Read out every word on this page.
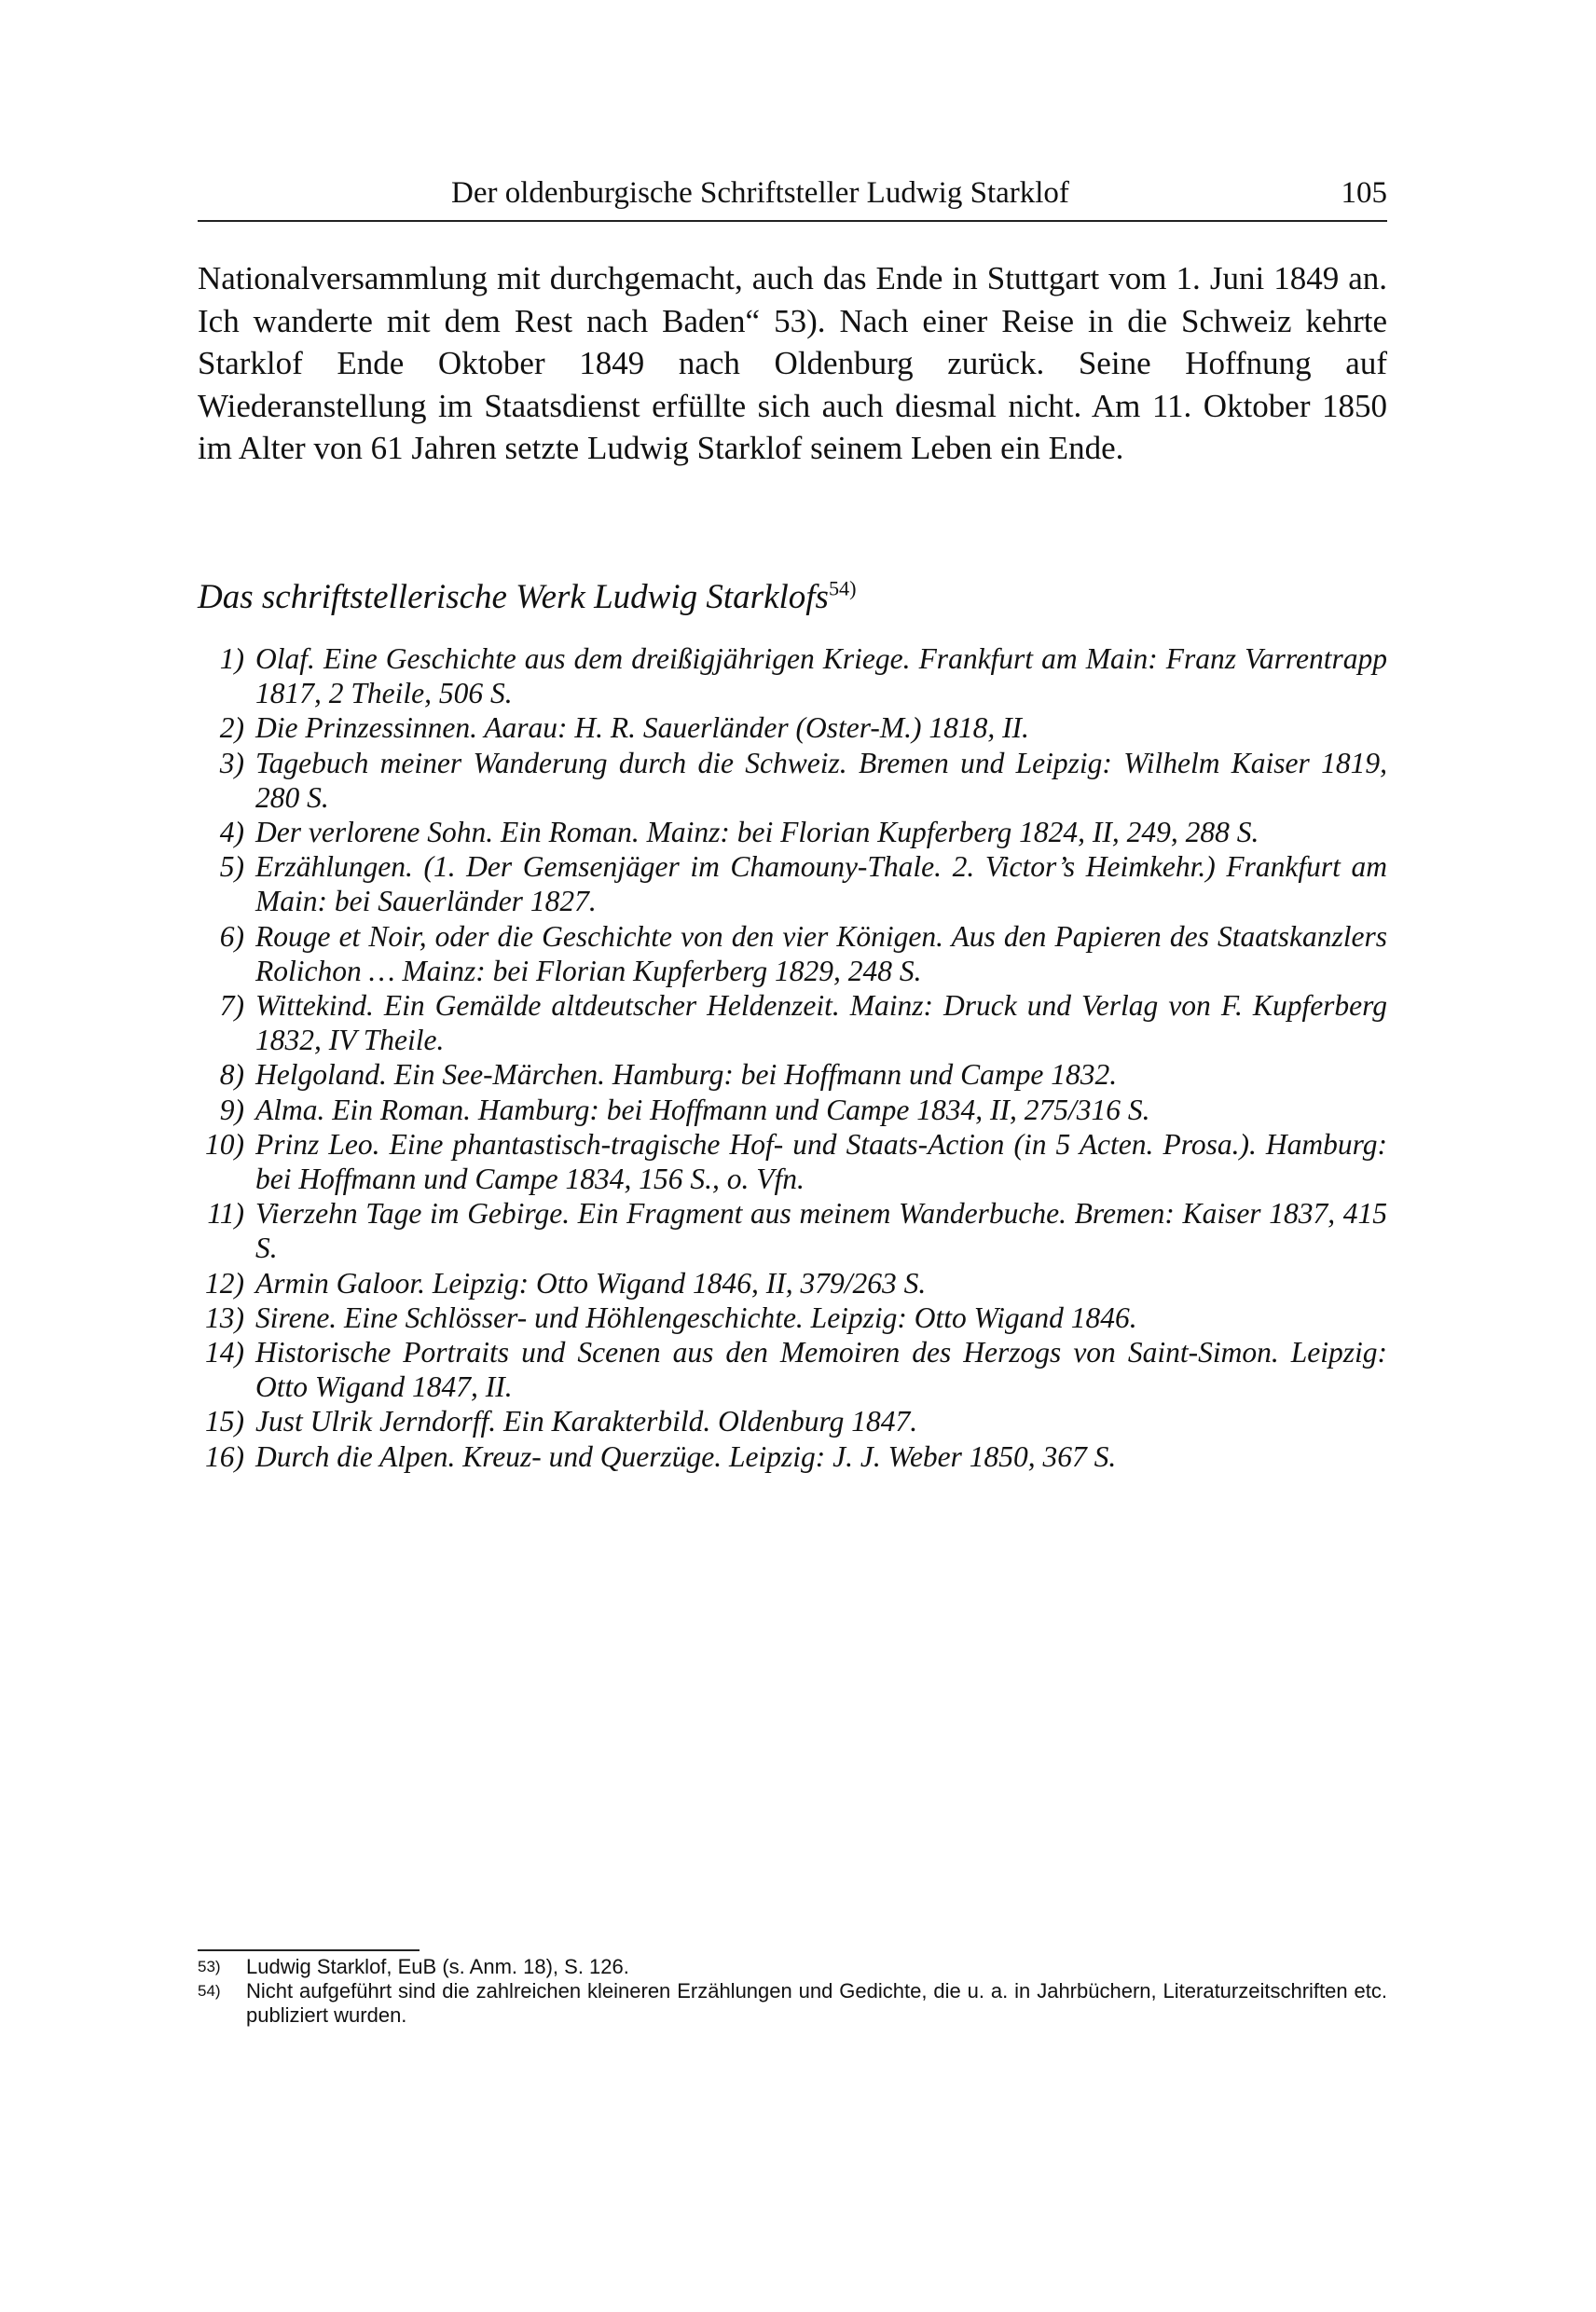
Der oldenburgische Schriftsteller Ludwig Starklof	105

Nationalversammlung mit durchgemacht, auch das Ende in Stuttgart vom 1. Juni 1849 an. Ich wanderte mit dem Rest nach Baden“ 53). Nach einer Reise in die Schweiz kehrte Starklof Ende Oktober 1849 nach Oldenburg zurück. Seine Hoffnung auf Wiederanstellung im Staatsdienst erfüllte sich auch diesmal nicht. Am 11. Oktober 1850 im Alter von 61 Jahren setzte Ludwig Starklof seinem Leben ein Ende.

Das schriftstellerische Werk Ludwig Starklofs$^{54)}$
1) Olaf. Eine Geschichte aus dem dreißigjährigen Kriege. Frankfurt am Main: Franz Varrentrapp 1817, 2 Theile, 506 S.
2) Die Prinzessinnen. Aarau: H. R. Sauerländer (Oster-M.) 1818, II.
3) Tagebuch meiner Wanderung durch die Schweiz. Bremen und Leipzig: Wilhelm Kaiser 1819, 280 S.
4) Der verlorene Sohn. Ein Roman. Mainz: bei Florian Kupferberg 1824, II, 249, 288 S.
5) Erzählungen. (1. Der Gemsenjäger im Chamouny-Thale. 2. Victor’s Heimkehr.) Frankfurt am Main: bei Sauerländer 1827.
6) Rouge et Noir, oder die Geschichte von den vier Königen. Aus den Papieren des Staatskanzlers Rolichon … Mainz: bei Florian Kupferberg 1829, 248 S.
7) Wittekind. Ein Gemälde altdeutscher Heldenzeit. Mainz: Druck und Verlag von F. Kupferberg 1832, IV Theile.
8) Helgoland. Ein See-Märchen. Hamburg: bei Hoffmann und Campe 1832.
9) Alma. Ein Roman. Hamburg: bei Hoffmann und Campe 1834, II, 275/316 S.
10) Prinz Leo. Eine phantastisch-tragische Hof- und Staats-Action (in 5 Acten. Prosa.). Hamburg: bei Hoffmann und Campe 1834, 156 S., o. Vfn.
11) Vierzehn Tage im Gebirge. Ein Fragment aus meinem Wanderbuche. Bremen: Kaiser 1837, 415 S.
12) Armin Galoor. Leipzig: Otto Wigand 1846, II, 379/263 S.
13) Sirene. Eine Schlösser- und Höhlengeschichte. Leipzig: Otto Wigand 1846.
14) Historische Portraits und Scenen aus den Memoiren des Herzogs von Saint-Simon. Leipzig: Otto Wigand 1847, II.
15) Just Ulrik Jerndorff. Ein Karakterbild. Oldenburg 1847.
16) Durch die Alpen. Kreuz- und Querzüge. Leipzig: J. J. Weber 1850, 367 S.
53) Ludwig Starklof, EuB (s. Anm. 18), S. 126.
54) Nicht aufgeführt sind die zahlreichen kleineren Erzählungen und Gedichte, die u. a. in Jahrbüchern, Literaturzeitschriften etc. publiziert wurden.
